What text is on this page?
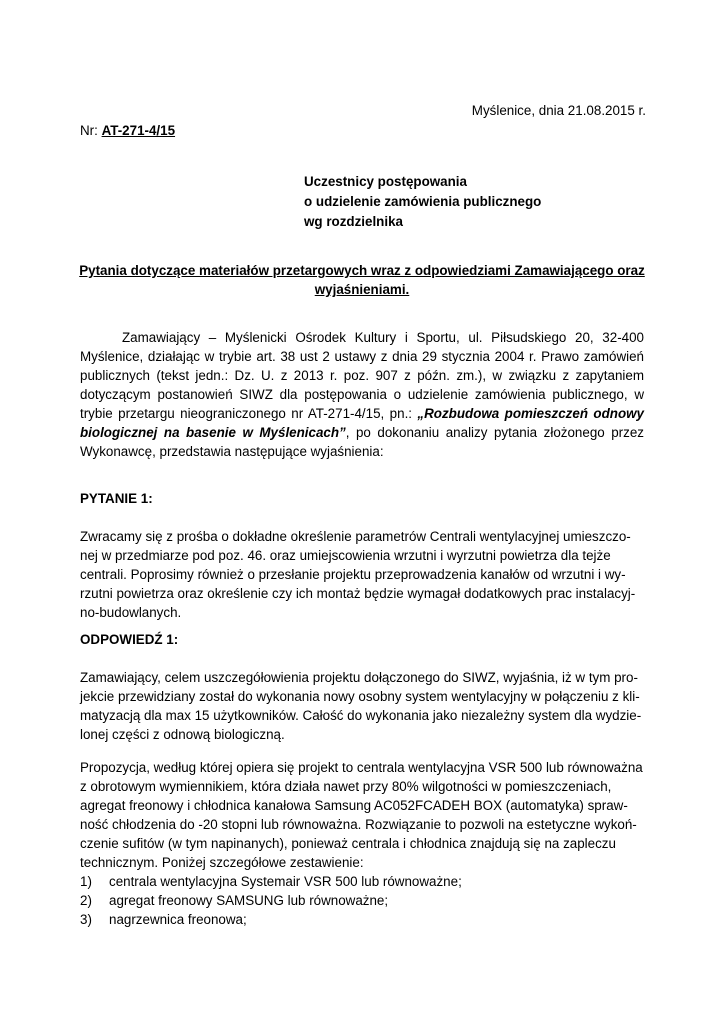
Myślenice, dnia 21.08.2015 r.
Nr: AT-271-4/15
Uczestnicy postępowania
o udzielenie zamówienia publicznego
wg rozdzielnika
Pytania dotyczące materiałów przetargowych wraz z odpowiedziami Zamawiającego oraz wyjaśnieniami.
Zamawiający – Myślenicki Ośrodek Kultury i Sportu, ul. Piłsudskiego 20, 32-400 Myślenice, działając w trybie art. 38 ust 2 ustawy z dnia 29 stycznia 2004 r. Prawo zamówień publicznych (tekst jedn.: Dz. U. z 2013 r. poz. 907 z późn. zm.), w związku z zapytaniem dotyczącym postanowień SIWZ dla postępowania o udzielenie zamówienia publicznego, w trybie przetargu nieograniczonego nr AT-271-4/15, pn.: „Rozbudowa pomieszczeń odnowy biologicznej na basenie w Myślenicach”, po dokonaniu analizy pytania złożonego przez Wykonawcę, przedstawia następujące wyjaśnienia:
PYTANIE 1:
Zwracamy się z prośba o dokładne określenie parametrów Centrali wentylacyjnej umieszczo-
nej w przedmiarze pod poz. 46. oraz umiejscowienia wrzutni i wyrzutni powietrza dla tejże
centrali. Poprosimy również o przesłanie projektu przeprowadzenia kanałów od wrzutni i wy-
rzutni powietrza oraz określenie czy ich montaż będzie wymagał dodatkowych prac instalacyj-
no-budowlanych.
ODPOWIEDŹ 1:
Zamawiający, celem uszczegółowienia projektu dołączonego do SIWZ, wyjaśnia, iż w tym pro-
jekcie przewidziany został do wykonania nowy osobny system wentylacyjny w połączeniu z kli-
matyzacją dla max 15 użytkowników. Całość do wykonania jako niezależny system dla wydzie-
lonej części z odnową biologiczną.
Propozycja, według której opiera się projekt to centrala wentylacyjna VSR 500 lub równoważna
z obrotowym wymiennikiem, która działa nawet przy 80% wilgotności w pomieszczeniach,
agregat freonowy i chłodnica kanałowa Samsung AC052FCADEH BOX (automatyka) spraw-
ność chłodzenia do -20 stopni lub równoważna. Rozwiązanie to pozwoli na estetyczne wykoń-
czenie sufitów (w tym napinanych), ponieważ centrala i chłodnica znajdują się na zapleczu
technicznym. Poniżej szczegółowe zestawienie:
1) centrala wentylacyjna Systemair VSR 500 lub równoważne;
2) agregat freonowy SAMSUNG lub równoważne;
3) nagrzewnica freonowa;
